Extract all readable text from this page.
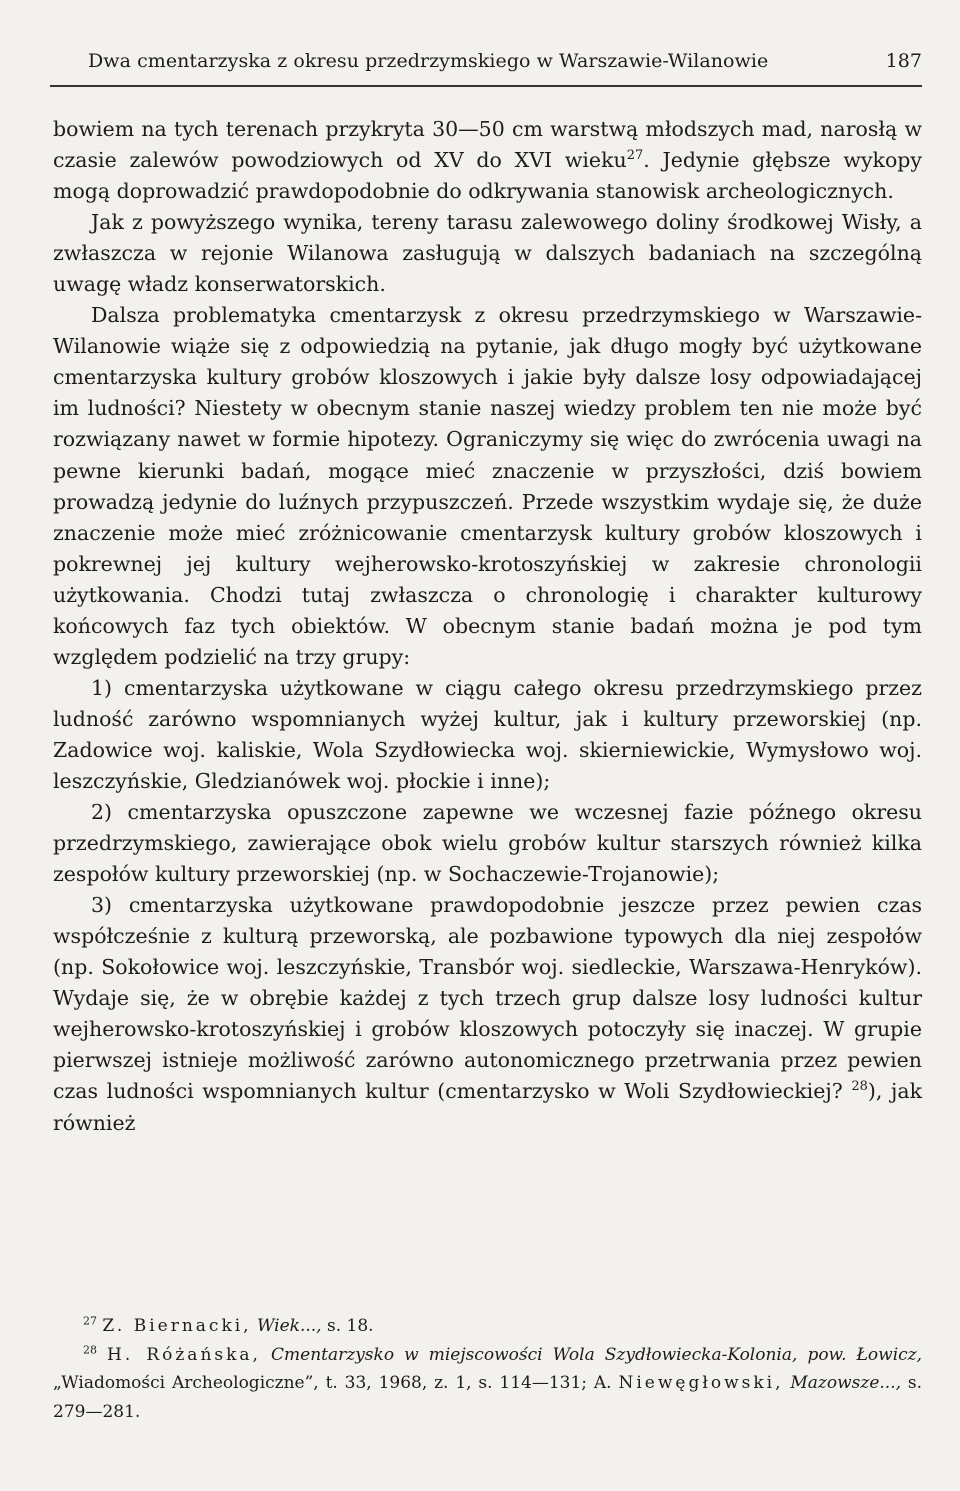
Dwa cmentarzyska z okresu przedrzymskiego w Warszawie-Wilanowie	187

bowiem na tych terenach przykryta 30—50 cm warstwą młodszych mad, narosłą w czasie zalewów powodziowych od XV do XVI wieku$^{27}$. Jedynie głębsze wykopy mogą doprowadzić prawdopodobnie do odkrywania stanowisk archeologicznych.

Jak z powyższego wynika, tereny tarasu zalewowego doliny środkowej Wisły, a zwłaszcza w rejonie Wilanowa zasługują w dalszych badaniach na szczególną uwagę władz konserwatorskich.

Dalsza problematyka cmentarzysk z okresu przedrzymskiego w Warszawie-Wilanowie wiąże się z odpowiedzią na pytanie, jak długo mogły być użytkowane cmentarzyska kultury grobów kloszowych i jakie były dalsze losy odpowiadającej im ludności? Niestety w obecnym stanie naszej wiedzy problem ten nie może być rozwiązany nawet w formie hipotezy. Ograniczymy się więc do zwrócenia uwagi na pewne kierunki badań, mogące mieć znaczenie w przyszłości, dziś bowiem prowadzą jedynie do luźnych przypuszczeń. Przede wszystkim wydaje się, że duże znaczenie może mieć zróżnicowanie cmentarzysk kultury grobów kloszowych i pokrewnej jej kultury wejherowsko-krotoszyńskiej w zakresie chronologii użytkowania. Chodzi tutaj zwłaszcza o chronologię i charakter kulturowy końcowych faz tych obiektów. W obecnym stanie badań można je pod tym względem podzielić na trzy grupy:

1) cmentarzyska użytkowane w ciągu całego okresu przedrzymskiego przez ludność zarówno wspomnianych wyżej kultur, jak i kultury przeworskiej (np. Zadowice woj. kaliskie, Wola Szydłowiecka woj. skierniewickie, Wymysłowo woj. leszczyńskie, Gledzianówek woj. płockie i inne);

2) cmentarzyska opuszczone zapewne we wczesnej fazie późnego okresu przedrzymskiego, zawierające obok wielu grobów kultur starszych również kilka zespołów kultury przeworskiej (np. w Sochaczewie-Trojanowie);

3) cmentarzyska użytkowane prawdopodobnie jeszcze przez pewien czas współcześnie z kulturą przeworską, ale pozbawione typowych dla niej zespołów (np. Sokołowice woj. leszczyńskie, Transbór woj. siedleckie, Warszawa-Henryków). Wydaje się, że w obrębie każdej z tych trzech grup dalsze losy ludności kultur wejherowsko-krotoszyńskiej i grobów kloszowych potoczyły się inaczej. W grupie pierwszej istnieje możliwość zarówno autonomicznego przetrwania przez pewien czas ludności wspomnianych kultur (cmentarzysko w Woli Szydłowieckiej? $^{28}$), jak również

$^{27}$ Z. Biernacki, Wiek..., s. 18.

$^{28}$ H. Różańska, Cmentarzysko w miejscowości Wola Szydłowiecka-Kolonia, pow. Łowicz, „Wiadomości Archeologiczne”, t. 33, 1968, z. 1, s. 114—131; A. Niewęgłowski, Mazowsze..., s. 279—281.
